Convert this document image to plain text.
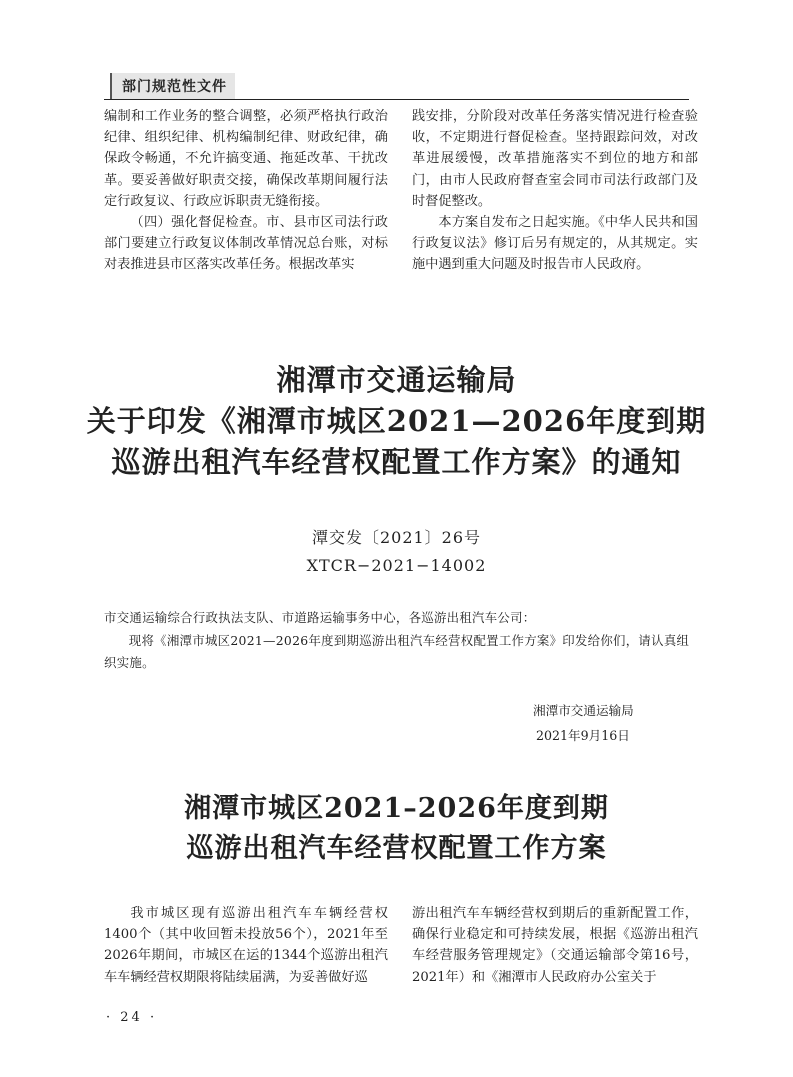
部门规范性文件

编制和工作业务的整合调整，必须严格执行政治纪律、组织纪律、机构编制纪律、财政纪律，确保政令畅通，不允许搞变通、拖延改革、干扰改革。要妥善做好职责交接，确保改革期间履行法定行政复议、行政应诉职责无缝衔接。

（四）强化督促检查。市、县市区司法行政部门要建立行政复议体制改革情况总台账，对标对表推进县市区落实改革任务。根据改革实

践安排，分阶段对改革任务落实情况进行检查验收，不定期进行督促检查。坚持跟踪问效，对改革进展缓慢，改革措施落实不到位的地方和部门，由市人民政府督查室会同市司法行政部门及时督促整改。

本方案自发布之日起实施。《中华人民共和国行政复议法》修订后另有规定的，从其规定。实施中遇到重大问题及时报告市人民政府。

湘潭市交通运输局
关于印发《湘潭市城区2021—2026年度到期
巡游出租汽车经营权配置工作方案》的通知
潭交发〔2021〕26号
XTCR−2021−14002
市交通运输综合行政执法支队、市道路运输事务中心，各巡游出租汽车公司：
现将《湘潭市城区2021—2026年度到期巡游出租汽车经营权配置工作方案》印发给你们，请认真组织实施。
湘潭市交通运输局
2021年9月16日
湘潭市城区2021–2026年度到期
巡游出租汽车经营权配置工作方案

我市城区现有巡游出租汽车车辆经营权1400个（其中收回暂未投放56个），2021年至2026年期间，市城区在运的1344个巡游出租汽车车辆经营权期限将陆续届满，为妥善做好巡

游出租汽车车辆经营权到期后的重新配置工作，确保行业稳定和可持续发展，根据《巡游出租汽车经营服务管理规定》（交通运输部令第16号，2021年）和《湘潭市人民政府办公室关于

· 24 ·
